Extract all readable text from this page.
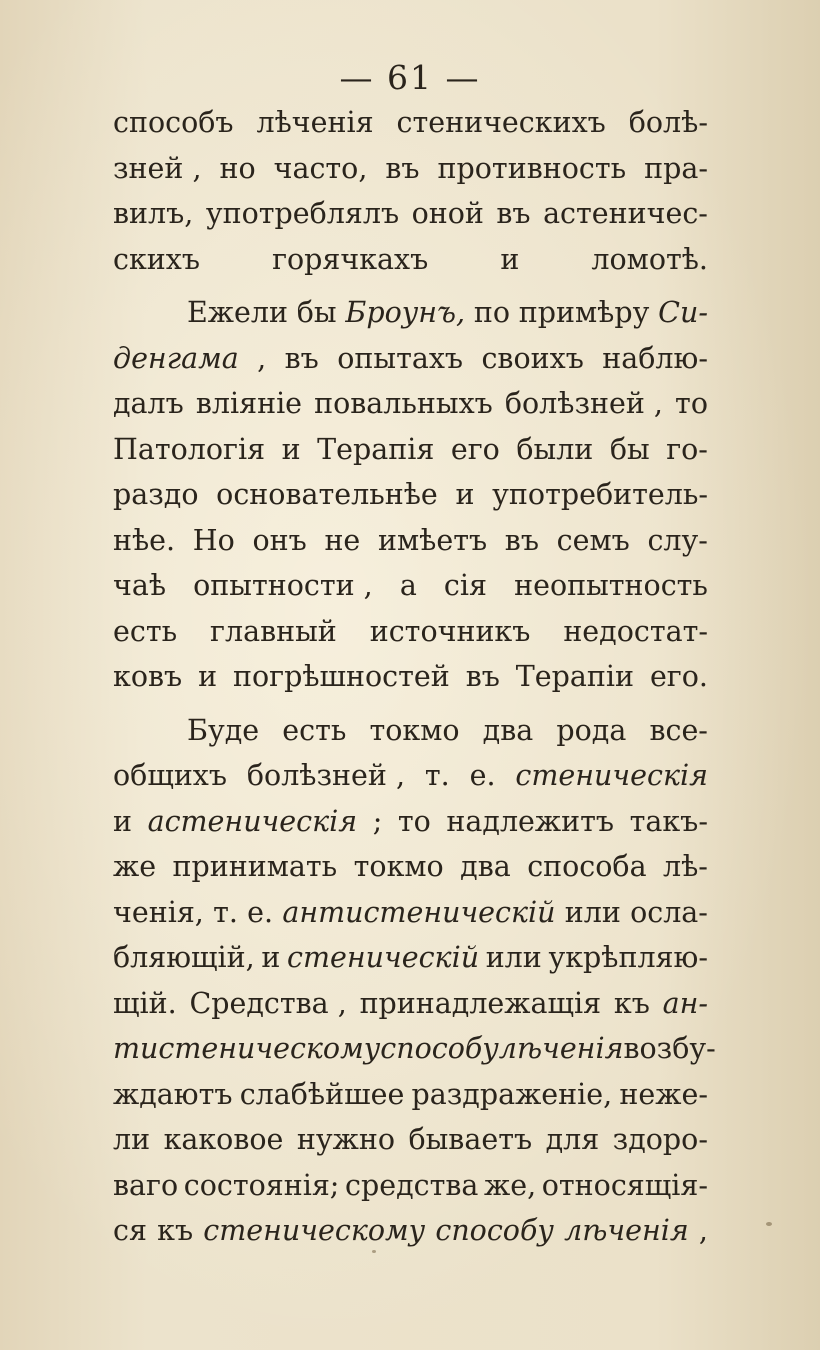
— 61 —
способъ лѣченія стеническихъ болѣ-
зней , но часто, въ противность пра-
вилъ, употреблялъ оной въ астеничес-
скихъ	горячкахъ	и	ломотѣ.
Ежели бы Броунъ, по примѣру Си-
денгама , въ опытахъ своихъ наблю-
далъ вліяніе повальныхъ болѣзней , то
Патологія и Терапія его были бы го-
раздо основательнѣе и употребитель-
нѣе. Но онъ не имѣетъ въ семъ слу-
чаѣ опытности , а сія неопытность
есть главный источникъ недостат-
ковъ и погрѣшностей въ Терапіи его.
Буде есть токмо два рода все-
общихъ болѣзней , т. е. стеническія
и астеническія ; то надлежитъ такъ-
же принимать токмо два способа лѣ-
ченія, т. е. антистеническій или ослa-
бляющій, и стеническій или укрѣпляю-
щій. Средства , принадлежащія къ ан-
тистеническому способу лѣченія возбу-
ждаютъ слабѣйшее раздраженіе, неже-
ли каковое нужно бываетъ для здоро-
ваго состоянія; средства же, относящія-
ся къ стеническому способу лѣченія ,
